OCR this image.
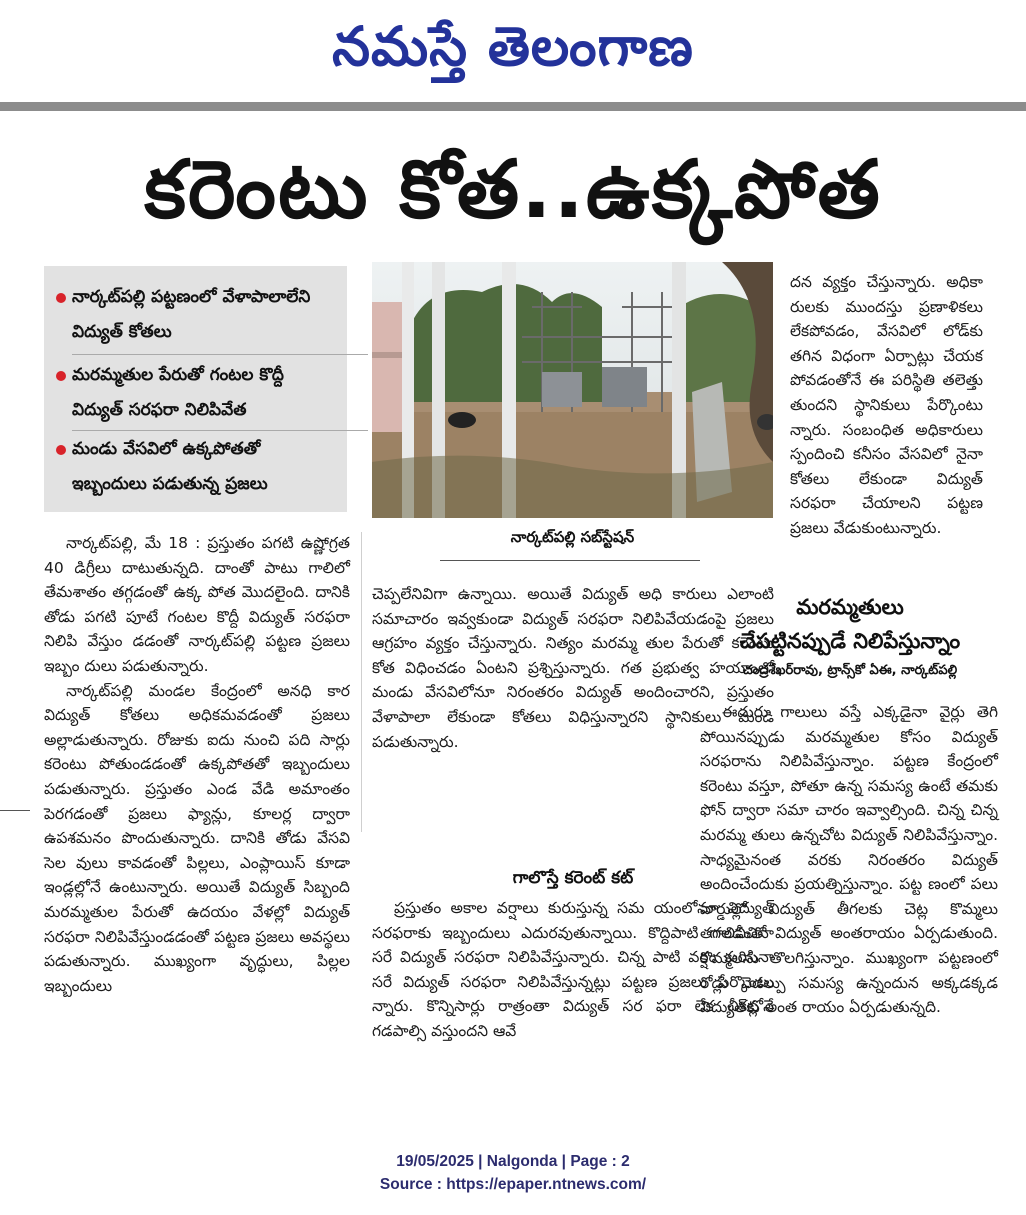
నమస్తే తెలంగాణ
కరెంటు కోత..ఉక్కపోత
నార్కట్‌పల్లి పట్టణంలో వేళాపాలాలేని విద్యుత్ కోతలు
మరమ్మతుల పేరుతో గంటల కొద్దీ విద్యుత్ సరఫరా నిలిపివేత
మండు వేసవిలో ఉక్కపోతతో ఇబ్బందులు పడుతున్న ప్రజలు
నార్కట్‌పల్లి సబ్‌స్టేషన్

నార్కట్‌పల్లి, మే 18 : ప్రస్తుతం పగటి ఉష్ణోగ్రత 40 డిగ్రీలు దాటుతున్నది. దాంతో పాటు గాలిలో తేమశాతం తగ్గడంతో ఉక్క పోత మొదలైంది. దానికి తోడు పగటి పూటే గంటల కొద్దీ విద్యుత్ సరఫరా నిలిపి వేస్తుం డడంతో నార్కట్‌పల్లి పట్టణ ప్రజలు ఇబ్బం దులు పడుతున్నారు.

నార్కట్‌పల్లి మండల కేంద్రంలో అనధి కార విద్యుత్ కోతలు అధికమవడంతో ప్రజలు అల్లాడుతున్నారు. రోజుకు ఐదు నుంచి పది సార్లు కరెంటు పోతుండడంతో ఉక్కపోతతో ఇబ్బందులు పడుతున్నారు. ప్రస్తుతం ఎండ వేడి అమాంతం పెరగడంతో ప్రజలు ఫ్యాన్లు, కూలర్ల ద్వారా ఉపశమనం పొందుతున్నారు. దానికి తోడు వేసవి సెల వులు కావడంతో పిల్లలు, ఎంప్లాయిస్ కూడా ఇండ్లల్లోనే ఉంటున్నారు. అయితే విద్యుత్ సిబ్బంది మరమ్మతుల పేరుతో ఉదయం వేళల్లో విద్యుత్ సరఫరా నిలిపివేస్తుండడంతో పట్టణ ప్రజలు అవస్థలు పడుతున్నారు. ముఖ్యంగా వృద్ధులు, పిల్లల ఇబ్బందులు

చెప్పలేనివిగా ఉన్నాయి. అయితే విద్యుత్ అధి కారులు ఎలాంటి సమాచారం ఇవ్వకుండా విద్యుత్ సరఫరా నిలిపివేయడంపై ప్రజలు ఆగ్రహం వ్యక్తం చేస్తున్నారు. నిత్యం మరమ్మ తుల పేరుతో కరెంటు కోత విధించడం ఏంటని ప్రశ్నిస్తున్నారు. గత ప్రభుత్వ హయాంలో మండు వేసవిలోనూ నిరంతరం విద్యుత్ అందించారని, ప్రస్తుతం వేళాపాలా లేకుండా కోతలు విధిస్తున్నారని స్థానికులు మండి పడుతున్నారు.

గాలొస్తే కరెంట్ కట్

ప్రస్తుతం అకాల వర్షాలు కురుస్తున్న సమ యంలోనూ విద్యుత్ సరఫరాకు ఇబ్బందులు ఎదురవుతున్నాయి. కొద్దిపాటి గాలివీచినా సరే విద్యుత్ సరఫరా నిలిపివేస్తున్నారు. చిన్న పాటి వర్షం కురిసినా సరే విద్యుత్ సరఫరా నిలిపివేస్తున్నట్లు పట్టణ ప్రజలు పేర్కొంటు న్నారు. కొన్నిసార్లు రాత్రంతా విద్యుత్ సర ఫరా లేక చీకట్లోనే గడపాల్సి వస్తుందని ఆవే

దన వ్యక్తం చేస్తున్నారు. అధికా రులకు ముందస్తు ప్రణాళికలు లేకపోవడం, వేసవిలో లోడ్‌కు తగిన విధంగా ఏర్పాట్లు చేయక పోవడంతోనే ఈ పరిస్థితి తలెత్తు తుందని స్థానికులు పేర్కొంటు న్నారు. సంబంధిత అధికారులు స్పందించి కనీసం వేసవిలో నైనా కోతలు లేకుండా విద్యుత్ సరఫరా చేయాలని పట్టణ ప్రజలు వేడుకుంటున్నారు.

మరమ్మతులు
చేపట్టినప్పుడే నిలిపేస్తున్నాం
చంద్రశేఖర్‌రావు, ట్రాన్స్‌కో ఏఈ, నార్కట్‌పల్లి

ఈదురు గాలులు వస్తే ఎక్కడైనా వైర్లు తెగి పోయినప్పుడు మరమ్మతుల కోసం విద్యుత్ సరఫరాను నిలిపివేస్తున్నాం. పట్టణ కేంద్రంలో కరెంటు వస్తూ, పోతూ ఉన్న సమస్య ఉంటే తమకు ఫోన్ ద్వారా సమా చారం ఇవ్వాల్సింది. చిన్న చిన్న మరమ్మ తులు ఉన్నచోట విద్యుత్ నిలిపివేస్తున్నాం. సాధ్యమైనంత వరకు నిరంతరం విద్యుత్ అందించేందుకు ప్రయత్నిస్తున్నాం. పట్ట ణంలో పలు వార్డుల్లో విద్యుత్ తీగలకు చెట్ల కొమ్మలు తగలడంతో విద్యుత్ అంతరాయం ఏర్పడుతుంది. కొమ్మలను తొలగిస్తున్నాం. ముఖ్యంగా పట్టణంలో రోడ్లు వెడల్పు సమస్య ఉన్నందున అక్కడక్కడ విద్యుత్‌కు అంత రాయం ఏర్పడుతున్నది.

19/05/2025 | Nalgonda | Page : 2
Source : https://epaper.ntnews.com/
